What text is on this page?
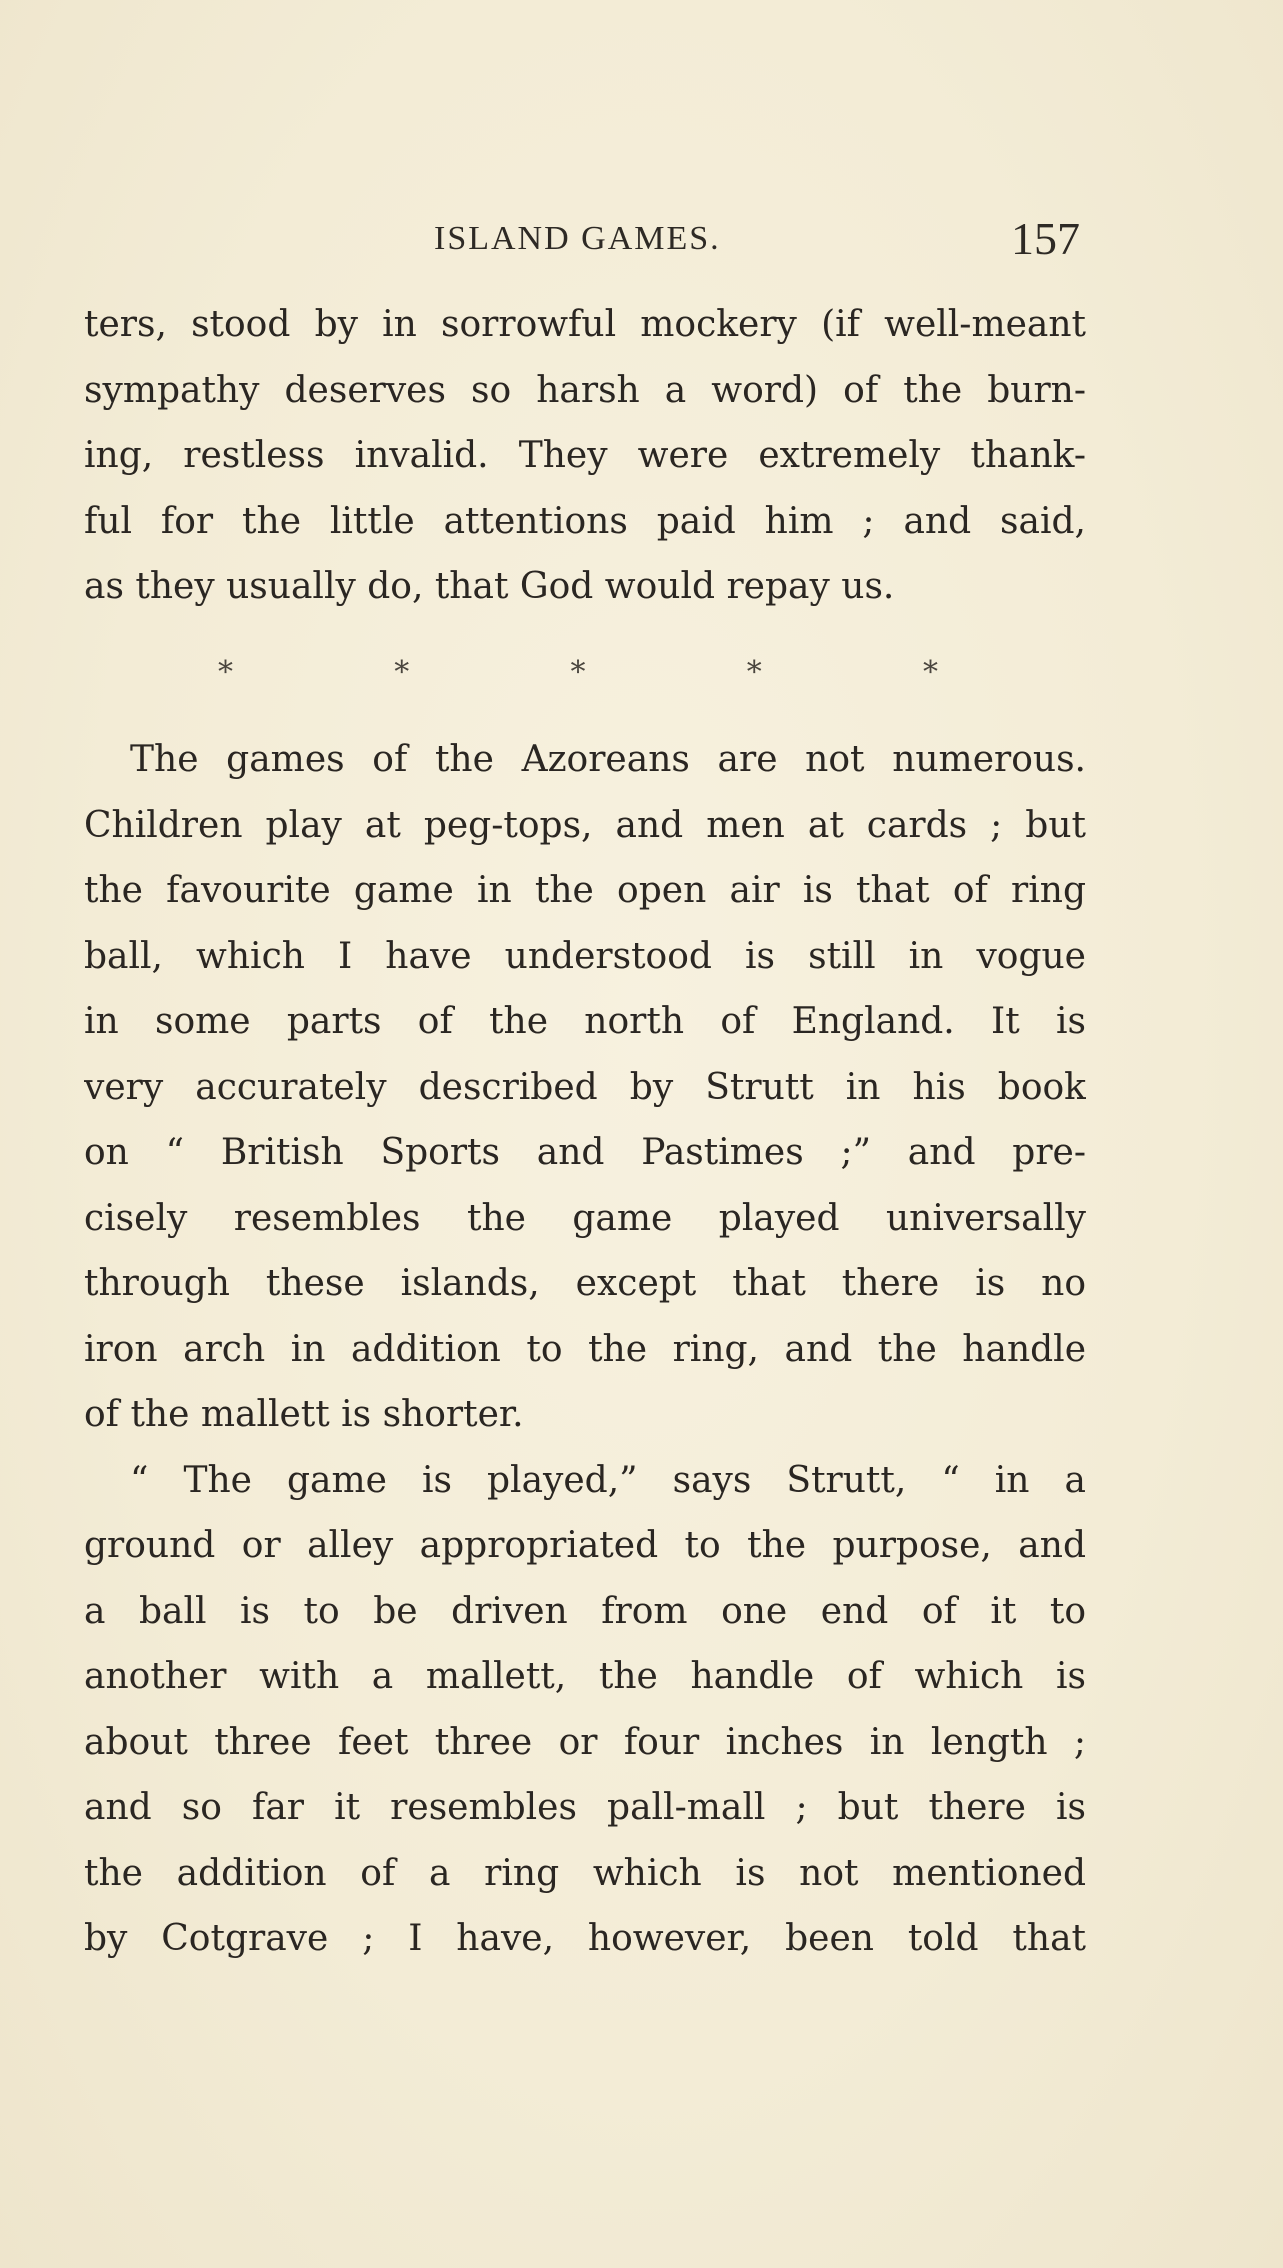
ISLAND GAMES.	157
ters, stood by in sorrowful mockery (if well-meant
sympathy deserves so harsh a word) of the burn-
ing, restless invalid. They were extremely thank-
ful for the little attentions paid him ; and said,
as they usually do, that God would repay us.
*	*	*	*	*
The games of the Azoreans are not numerous.
Children play at peg-tops, and men at cards ; but
the favourite game in the open air is that of ring
ball, which I have understood is still in vogue
in some parts of the north of England. It is
very accurately described by Strutt in his book
on “ British Sports and Pastimes ;” and pre-
cisely resembles the game played universally
through these islands, except that there is no
iron arch in addition to the ring, and the handle
of the mallett is shorter.
“ The game is played,” says Strutt, “ in a
ground or alley appropriated to the purpose, and
a ball is to be driven from one end of it to
another with a mallett, the handle of which is
about three feet three or four inches in length ;
and so far it resembles pall-mall ; but there is
the addition of a ring which is not mentioned
by Cotgrave ; I have, however, been told that
